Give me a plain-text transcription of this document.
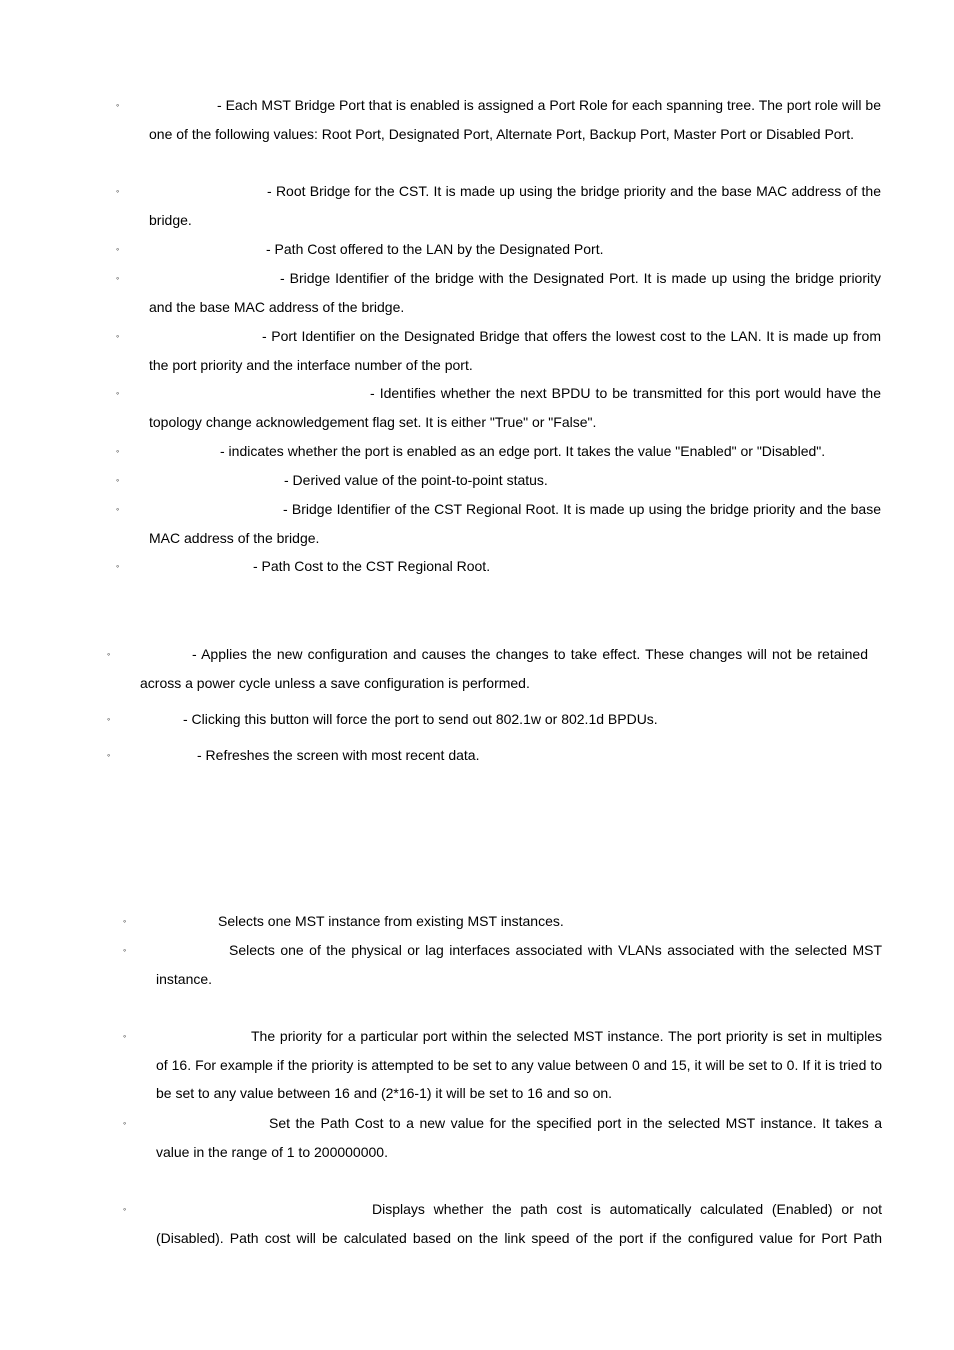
◦	- Each MST Bridge Port that is enabled is assigned a Port Role for each spanning tree. The port role will be one of the following values: Root Port, Designated Port, Alternate Port, Backup Port, Master Port or Disabled Port.
◦	- Root Bridge for the CST. It is made up using the bridge priority and the base MAC address of the bridge.
◦	- Path Cost offered to the LAN by the Designated Port.
◦	- Bridge Identifier of the bridge with the Designated Port. It is made up using the bridge priority and the base MAC address of the bridge.
◦	- Port Identifier on the Designated Bridge that offers the lowest cost to the LAN. It is made up from the port priority and the interface number of the port.
◦	- Identifies whether the next BPDU to be transmitted for this port would have the topology change acknowledgement flag set. It is either "True" or "False".
◦	- indicates whether the port is enabled as an edge port. It takes the value "Enabled" or "Disabled".
◦	- Derived value of the point-to-point status.
◦	- Bridge Identifier of the CST Regional Root. It is made up using the bridge priority and the base MAC address of the bridge.
◦	- Path Cost to the CST Regional Root.
◦	- Applies the new configuration and causes the changes to take effect. These changes will not be retained across a power cycle unless a save configuration is performed.
◦	- Clicking this button will force the port to send out 802.1w or 802.1d BPDUs.
◦	- Refreshes the screen with most recent data.
◦	Selects one MST instance from existing MST instances.
◦	Selects one of the physical or lag interfaces associated with VLANs associated with the selected MST instance.
◦	The priority for a particular port within the selected MST instance. The port priority is set in multiples of 16. For example if the priority is attempted to be set to any value between 0 and 15, it will be set to 0. If it is tried to be set to any value between 16 and (2*16-1) it will be set to 16 and so on.
◦	Set the Path Cost to a new value for the specified port in the selected MST instance. It takes a value in the range of 1 to 200000000.
◦	Displays whether the path cost is automatically calculated (Enabled) or not (Disabled). Path cost will be calculated based on the link speed of the port if the configured value for Port Path
